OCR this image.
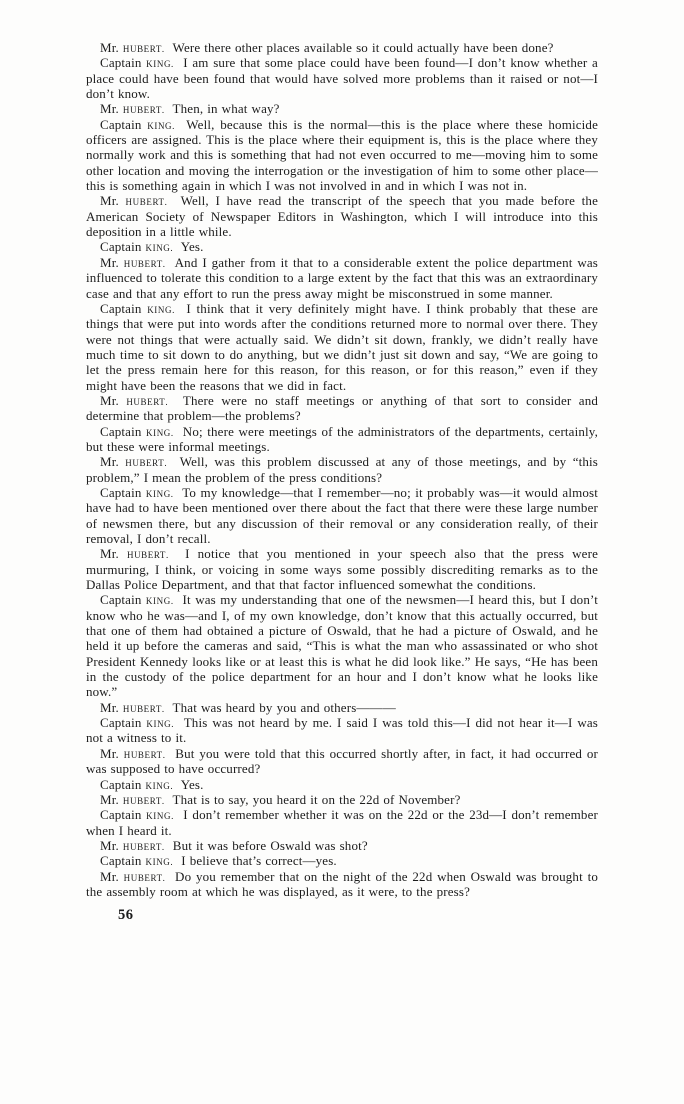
Mr. Hubert.  Were there other places available so it could actually have been done?

Captain King.  I am sure that some place could have been found—I don’t know whether a place could have been found that would have solved more problems than it raised or not—I don’t know.

Mr. Hubert.  Then, in what way?

Captain King.  Well, because this is the normal—this is the place where these homicide officers are assigned. This is the place where their equipment is, this is the place where they normally work and this is something that had not even occurred to me—moving him to some other location and moving the interrogation or the investigation of him to some other place—this is something again in which I was not involved in and in which I was not in.

Mr. Hubert.  Well, I have read the transcript of the speech that you made before the American Society of Newspaper Editors in Washington, which I will introduce into this deposition in a little while.

Captain King.  Yes.

Mr. Hubert.  And I gather from it that to a considerable extent the police department was influenced to tolerate this condition to a large extent by the fact that this was an extraordinary case and that any effort to run the press away might be misconstrued in some manner.

Captain King.  I think that it very definitely might have. I think probably that these are things that were put into words after the conditions returned more to normal over there. They were not things that were actually said. We didn’t sit down, frankly, we didn’t really have much time to sit down to do anything, but we didn’t just sit down and say, “We are going to let the press remain here for this reason, for this reason, or for this reason,” even if they might have been the reasons that we did in fact.

Mr. Hubert.  There were no staff meetings or anything of that sort to consider and determine that problem—the problems?

Captain King.  No; there were meetings of the administrators of the departments, certainly, but these were informal meetings.

Mr. Hubert.  Well, was this problem discussed at any of those meetings, and by “this problem,” I mean the problem of the press conditions?

Captain King.  To my knowledge—that I remember—no; it probably was—it would almost have had to have been mentioned over there about the fact that there were these large number of newsmen there, but any discussion of their removal or any consideration really, of their removal, I don’t recall.

Mr. Hubert.  I notice that you mentioned in your speech also that the press were murmuring, I think, or voicing in some ways some possibly discrediting remarks as to the Dallas Police Department, and that that factor influenced somewhat the conditions.

Captain King.  It was my understanding that one of the newsmen—I heard this, but I don’t know who he was—and I, of my own knowledge, don’t know that this actually occurred, but that one of them had obtained a picture of Oswald, that he had a picture of Oswald, and he held it up before the cameras and said, “This is what the man who assassinated or who shot President Kennedy looks like or at least this is what he did look like.” He says, “He has been in the custody of the police department for an hour and I don’t know what he looks like now.”

Mr. Hubert.  That was heard by you and others———

Captain King.  This was not heard by me. I said I was told this—I did not hear it—I was not a witness to it.

Mr. Hubert.  But you were told that this occurred shortly after, in fact, it had occurred or was supposed to have occurred?

Captain King.  Yes.

Mr. Hubert.  That is to say, you heard it on the 22d of November?

Captain King.  I don’t remember whether it was on the 22d or the 23d—I don’t remember when I heard it.

Mr. Hubert.  But it was before Oswald was shot?

Captain King.  I believe that’s correct—yes.

Mr. Hubert.  Do you remember that on the night of the 22d when Oswald was brought to the assembly room at which he was displayed, as it were, to the press?

56
